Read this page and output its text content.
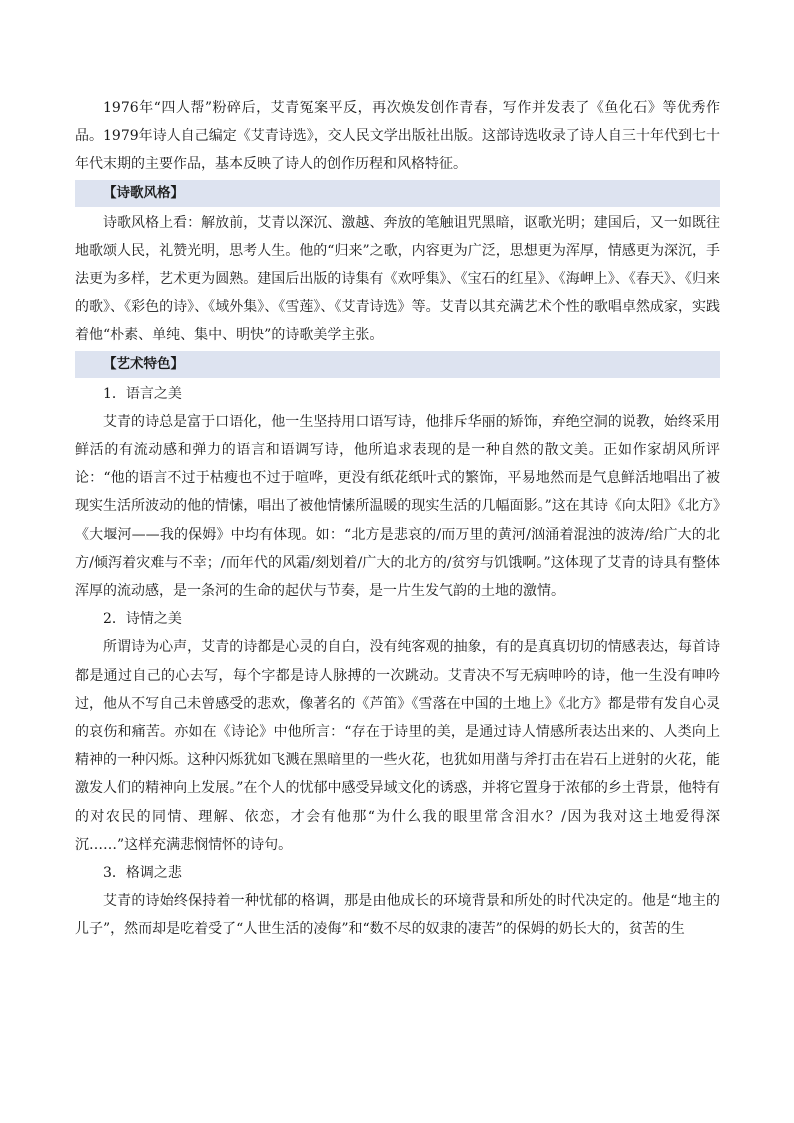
1976年“四人帮”粉碎后，艾青冤案平反，再次焕发创作青春，写作并发表了《鱼化石》等优秀作品。1979年诗人自己编定《艾青诗选》，交人民文学出版社出版。这部诗选收录了诗人自三十年代到七十年代末期的主要作品，基本反映了诗人的创作历程和风格特征。

【诗歌风格】

诗歌风格上看：解放前，艾青以深沉、激越、奔放的笔触诅咒黑暗，讴歌光明；建国后，又一如既往地歌颂人民，礼赞光明，思考人生。他的“归来”之歌，内容更为广泛，思想更为浑厚，情感更为深沉，手法更为多样，艺术更为圆熟。建国后出版的诗集有《欢呼集》、《宝石的红星》、《海岬上》、《春天》、《归来的歌》、《彩色的诗》、《域外集》、《雪莲》、《艾青诗选》等。艾青以其充满艺术个性的歌唱卓然成家，实践着他“朴素、单纯、集中、明快”的诗歌美学主张。

【艺术特色】

1．语言之美

艾青的诗总是富于口语化，他一生坚持用口语写诗，他排斥华丽的矫饰，弃绝空洞的说教，始终采用鲜活的有流动感和弹力的语言和语调写诗，他所追求表现的是一种自然的散文美。正如作家胡风所评论：“他的语言不过于枯瘦也不过于喧哗，更没有纸花纸叶式的繁饰，平易地然而是气息鲜活地唱出了被现实生活所波动的他的情愫，唱出了被他情愫所温暖的现实生活的几幅面影。”这在其诗《向太阳》《北方》《大堰河——我的保姆》中均有体现。如：“北方是悲哀的/而万里的黄河/汹涌着混浊的波涛/给广大的北方/倾泻着灾难与不幸；/而年代的风霜/刻划着/广大的北方的/贫穷与饥饿啊。”这体现了艾青的诗具有整体浑厚的流动感，是一条河的生命的起伏与节奏，是一片生发气韵的土地的激情。

2．诗情之美

所谓诗为心声，艾青的诗都是心灵的自白，没有纯客观的抽象，有的是真真切切的情感表达，每首诗都是通过自己的心去写，每个字都是诗人脉搏的一次跳动。艾青决不写无病呻吟的诗，他一生没有呻吟过，他从不写自己未曾感受的悲欢，像著名的《芦笛》《雪落在中国的土地上》《北方》都是带有发自心灵的哀伤和痛苦。亦如在《诗论》中他所言：“存在于诗里的美，是通过诗人情感所表达出来的、人类向上精神的一种闪烁。这种闪烁犹如飞溅在黑暗里的一些火花，也犹如用凿与斧打击在岩石上迸射的火花，能激发人们的精神向上发展。”在个人的忧郁中感受异域文化的诱惑，并将它置身于浓郁的乡土背景，他特有的对农民的同情、理解、依恋，才会有他那“为什么我的眼里常含泪水？/因为我对这土地爱得深沉……”这样充满悲悯情怀的诗句。

3．格调之悲

艾青的诗始终保持着一种忧郁的格调，那是由他成长的环境背景和所处的时代决定的。他是“地主的儿子”，然而却是吃着受了“人世生活的凌侮”和“数不尽的奴隶的凄苦”的保姆的奶长大的，贫苦的生
